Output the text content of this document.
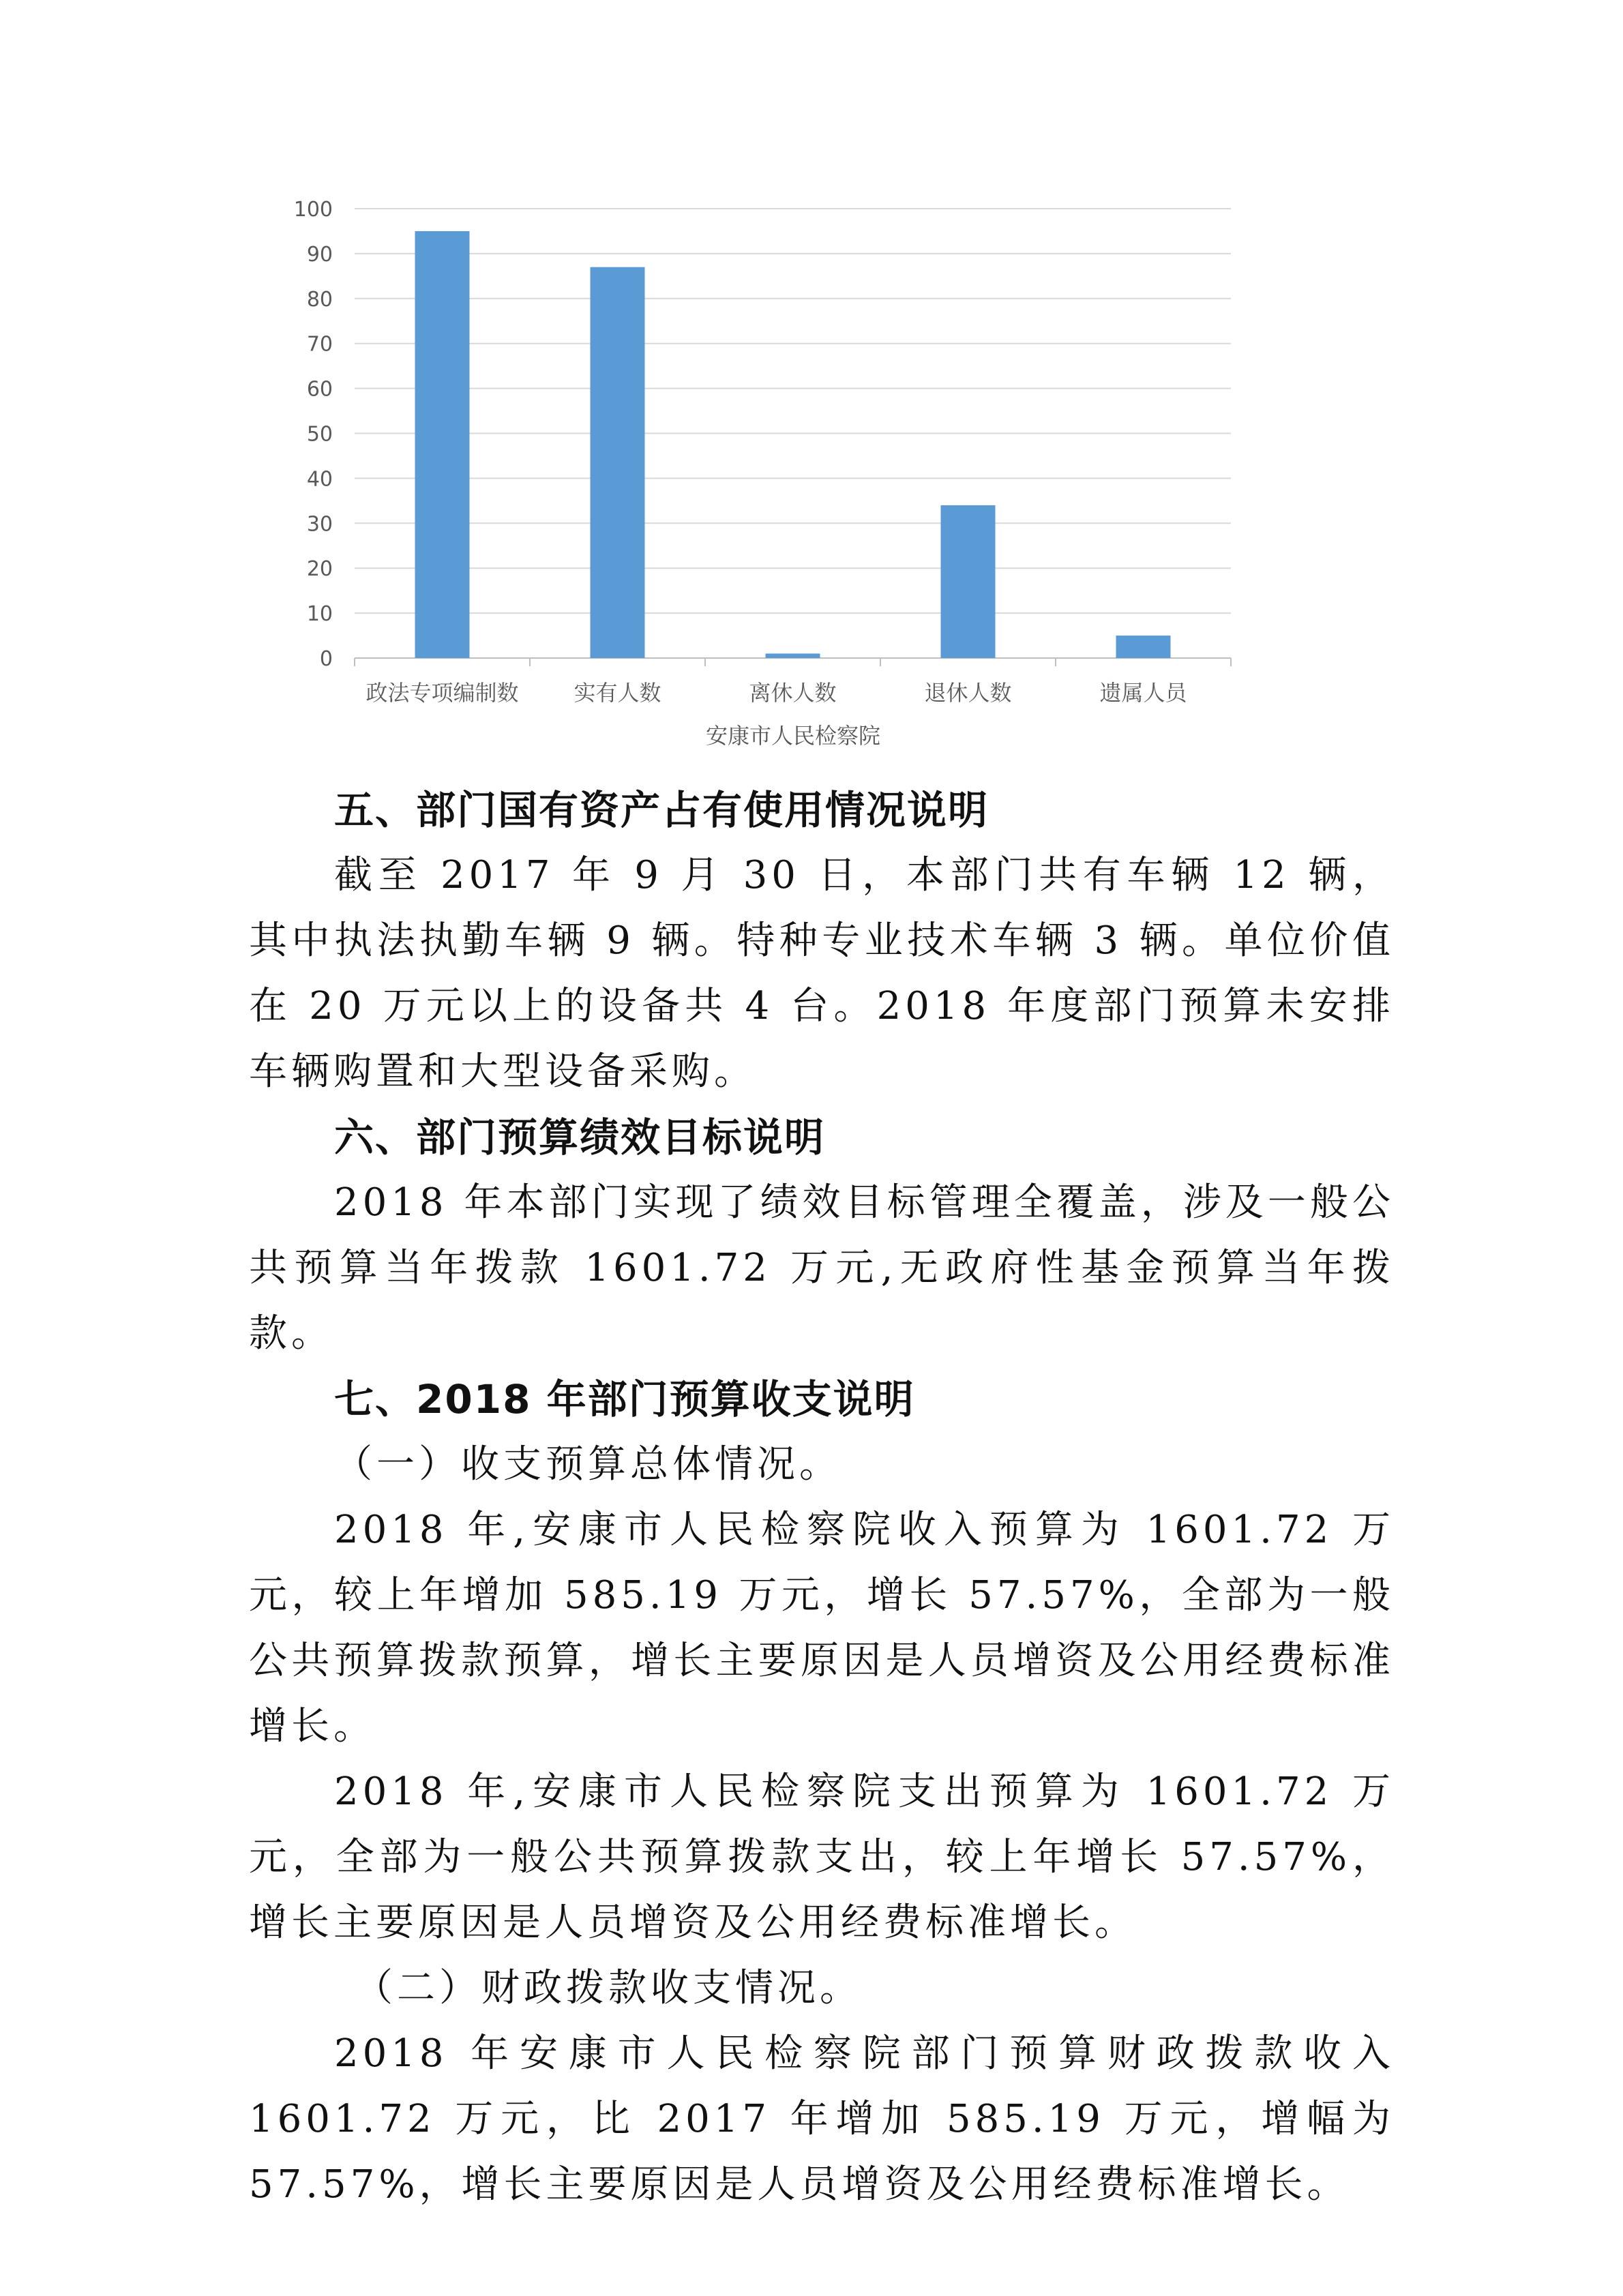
0
10
20
30
40
50
60
70
80
90
100
政法专项编制数	实有人数	离休人数	退休人数	遗属人员
安康市人民检察院

五、部门国有资产占有使用情况说明

截至 2017 年 9 月 30 日，本部门共有车辆 12 辆，其中执法执勤车辆 9 辆。特种专业技术车辆 3 辆。单位价值在 20 万元以上的设备共 4 台。2018 年度部门预算未安排车辆购置和大型设备采购。

六、部门预算绩效目标说明

2018 年本部门实现了绩效目标管理全覆盖，涉及一般公共预算当年拨款 1601.72 万元,无政府性基金预算当年拨款。

七、2018 年部门预算收支说明

（一）收支预算总体情况。

2018 年,安康市人民检察院收入预算为 1601.72 万元，较上年增加 585.19 万元，增长 57.57%，全部为一般公共预算拨款预算，增长主要原因是人员增资及公用经费标准增长。

2018 年,安康市人民检察院支出预算为 1601.72 万元，全部为一般公共预算拨款支出，较上年增长 57.57%，增长主要原因是人员增资及公用经费标准增长。

（二）财政拨款收支情况。

2018 年安康市人民检察院部门预算财政拨款收入 1601.72 万元，比 2017 年增加 585.19 万元，增幅为 57.57%，增长主要原因是人员增资及公用经费标准增长。
